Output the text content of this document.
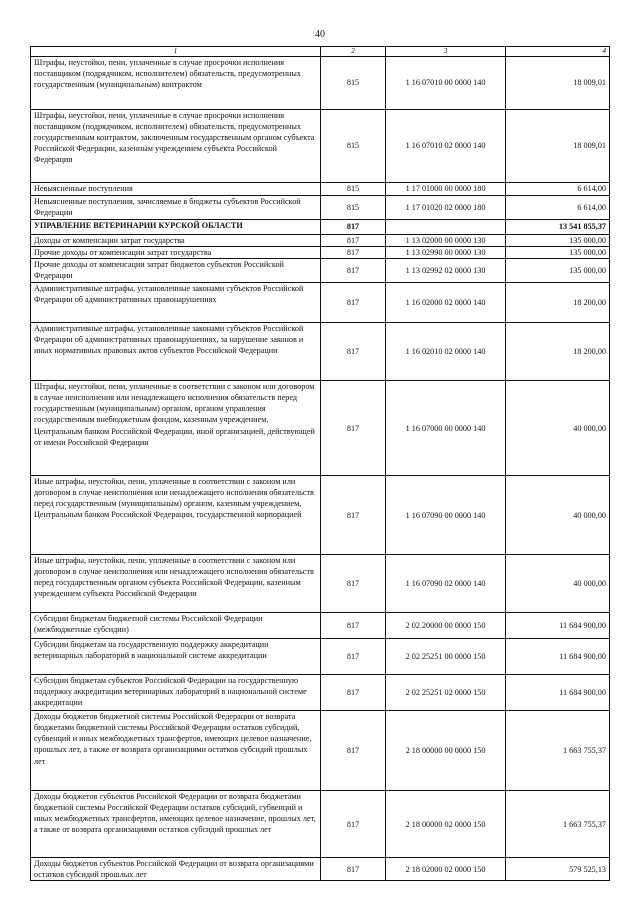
40
1	2	3	4
Штрафы, неустойки, пени, уплаченные в случае просрочки исполнения поставщиком (подрядчиком, исполнителем) обязательств, предусмотренных государственным (муниципальным) контрактом	815	1 16 07010 00 0000 140	18 009,01
Штрафы, неустойки, пени, уплаченные в случае просрочки исполнения поставщиком (подрядчиком, исполнителем) обязательств, предусмотренных государственным контрактом, заключенным государственным органом субъекта Российской Федерации, казенным учреждением субъекта Российской Федерации	815	1 16 07010 02 0000 140	18 009,01
Невыясненные поступления	815	1 17 01000 00 0000 180	6 614,00
Невыясненные поступления, зачисляемые в бюджеты субъектов Российской Федерации	815	1 17 01020 02 0000 180	6 614,00
УПРАВЛЕНИЕ ВЕТЕРИНАРИИ КУРСКОЙ ОБЛАСТИ	817		13 541 855,37
Доходы от компенсации затрат государства	817	1 13 02000 00 0000 130	135 000,00
Прочие доходы от компенсации затрат государства	817	1 13 02990 00 0000 130	135 000,00
Прочие доходы от компенсации затрат бюджетов субъектов Российской Федерации	817	1 13 02992 02 0000 130	135 000,00
Административные штрафы, установленные законами субъектов Российской Федерации об административных правонарушениях	817	1 16 02000 02 0000 140	18 200,00
Административные штрафы, установленные законами субъектов Российской Федерации об административных правонарушениях, за нарушение законов и иных нормативных правовых актов субъектов Российской Федерации	817	1 16 02010 02 0000 140	18 200,00
Штрафы, неустойки, пени, уплаченные в соответствии с законом или договором в случае неисполнения или ненадлежащего исполнения обязательств перед государственным (муниципальным) органом, органом управления государственным внебюджетным фондом, казенным учреждением, Центральным банком Российской Федерации, иной организацией, действующей от имени Российской Федерации	817	1 16 07000 00 0000 140	40 000,00
Иные штрафы, неустойки, пени, уплаченные в соответствии с законом или договором в случае неисполнения или ненадлежащего исполнения обязательств перед государственным (муниципальным) органом, казенным учреждением, Центральным банком Российской Федерации, государственной корпорацией	817	1 16 07090 00 0000 140	40 000,00
Иные штрафы, неустойки, пени, уплаченные в соответствии с законом или договором в случае неисполнения или ненадлежащего исполнения обязательств перед государственным органом субъекта Российской Федерации, казенным учреждением субъекта Российской Федерации	817	1 16 07090 02 0000 140	40 000,00
Субсидии бюджетам бюджетной системы Российской Федерации (межбюджетные субсидии)	817	2 02 20000 00 0000 150	11 684 900,00
Субсидии бюджетам на государственную поддержку аккредитации ветеринарных лабораторий в национальной системе аккредитации	817	2 02 25251 00 0000 150	11 684 900,00
Субсидии бюджетам субъектов Российской Федерации на государственную поддержку аккредитации ветеринарных лабораторий в национальной системе аккредитации	817	2 02 25251 02 0000 150	11 684 900,00
Доходы бюджетов бюджетной системы Российской Федерации от возврата бюджетами бюджетной системы Российской Федерации остатков субсидий, субвенций и иных межбюджетных трансфертов, имеющих целевое назначение, прошлых лет, а также от возврата организациями остатков субсидий прошлых лет	817	2 18 00000 00 0000 150	1 663 755,37
Доходы бюджетов субъектов Российской Федерации от возврата бюджетами бюджетной системы Российской Федерации остатков субсидий, субвенций и иных межбюджетных трансфертов, имеющих целевое назначение, прошлых лет, а также от возврата организациями остатков субсидий прошлых лет	817	2 18 00000 02 0000 150	1 663 755,37
Доходы бюджетов субъектов Российской Федерации от возврата организациями остатков субсидий прошлых лет	817	2 18 02000 02 0000 150	579 525,13
